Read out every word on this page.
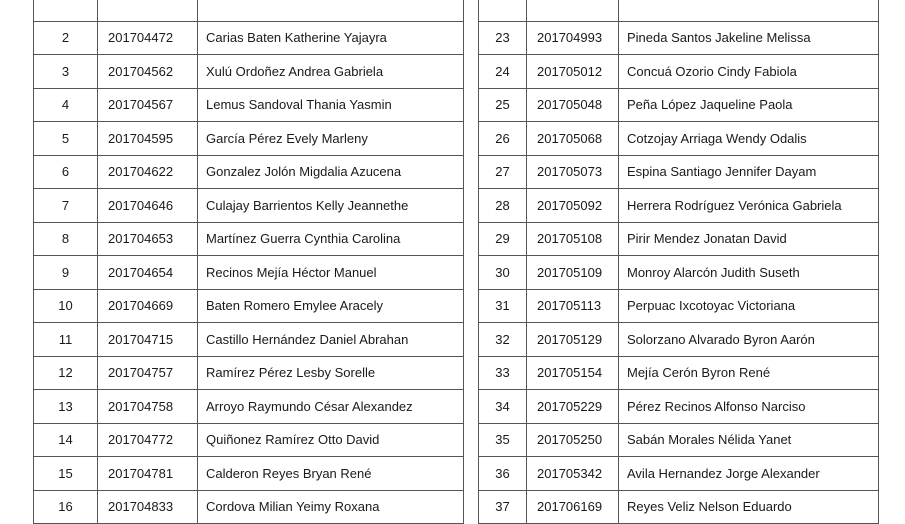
2	201704472	Carias Baten Katherine Yajayra
3	201704562	Xulú Ordoñez Andrea Gabriela
4	201704567	Lemus Sandoval Thania Yasmin
5	201704595	García Pérez Evely Marleny
6	201704622	Gonzalez Jolón Migdalia Azucena
7	201704646	Culajay Barrientos Kelly Jeannethe
8	201704653	Martínez Guerra Cynthia Carolina
9	201704654	Recinos Mejía Héctor Manuel
10	201704669	Baten Romero Emylee Aracely
11	201704715	Castillo Hernández Daniel Abrahan
12	201704757	Ramírez Pérez Lesby Sorelle
13	201704758	Arroyo Raymundo César Alexandez
14	201704772	Quiñonez Ramírez Otto David
15	201704781	Calderon Reyes Bryan René
16	201704833	Cordova Milian Yeimy Roxana

23	201704993	Pineda Santos Jakeline Melissa
24	201705012	Concuá Ozorio Cindy Fabiola
25	201705048	Peña López Jaqueline Paola
26	201705068	Cotzojay Arriaga Wendy Odalis
27	201705073	Espina Santiago Jennifer Dayam
28	201705092	Herrera Rodríguez Verónica Gabriela
29	201705108	Pirir Mendez Jonatan David
30	201705109	Monroy Alarcón Judith Suseth
31	201705113	Perpuac Ixcotoyac Victoriana
32	201705129	Solorzano Alvarado Byron Aarón
33	201705154	Mejía Cerón Byron René
34	201705229	Pérez Recinos Alfonso Narciso
35	201705250	Sabán Morales Nélida Yanet
36	201705342	Avila Hernandez Jorge Alexander
37	201706169	Reyes Veliz Nelson Eduardo
